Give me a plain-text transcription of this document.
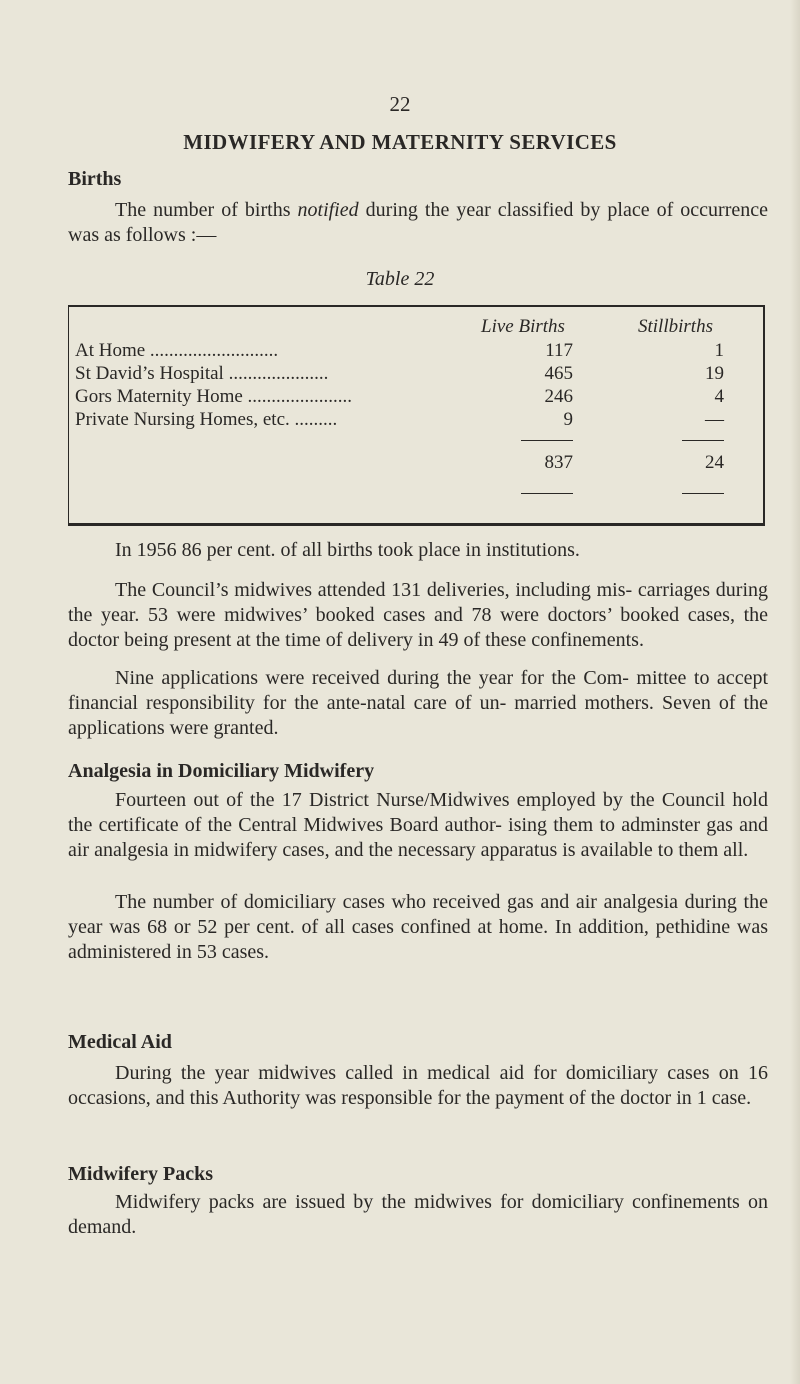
22
MIDWIFERY AND MATERNITY SERVICES
Births

The number of births notified during the year classified by place of occurrence was as follows :—

Table 22
Live Births	Stillbirths
At Home ...........................	117	1
St David’s Hospital .....................	465	19
Gors Maternity Home ......................	246	4
Private Nursing Homes, etc. .........	9	—
837	24

In 1956 86 per cent. of all births took place in institutions.

The Council’s midwives attended 131 deliveries, including mis- carriages during the year. 53 were midwives’ booked cases and 78 were doctors’ booked cases, the doctor being present at the time of delivery in 49 of these confinements.

Nine applications were received during the year for the Com- mittee to accept financial responsibility for the ante-natal care of un- married mothers. Seven of the applications were granted.

Analgesia in Domiciliary Midwifery

Fourteen out of the 17 District Nurse/Midwives employed by the Council hold the certificate of the Central Midwives Board author- ising them to adminster gas and air analgesia in midwifery cases, and the necessary apparatus is available to them all.

The number of domiciliary cases who received gas and air analgesia during the year was 68 or 52 per cent. of all cases confined at home. In addition, pethidine was administered in 53 cases.

Medical Aid

During the year midwives called in medical aid for domiciliary cases on 16 occasions, and this Authority was responsible for the payment of the doctor in 1 case.

Midwifery Packs

Midwifery packs are issued by the midwives for domiciliary confinements on demand.
